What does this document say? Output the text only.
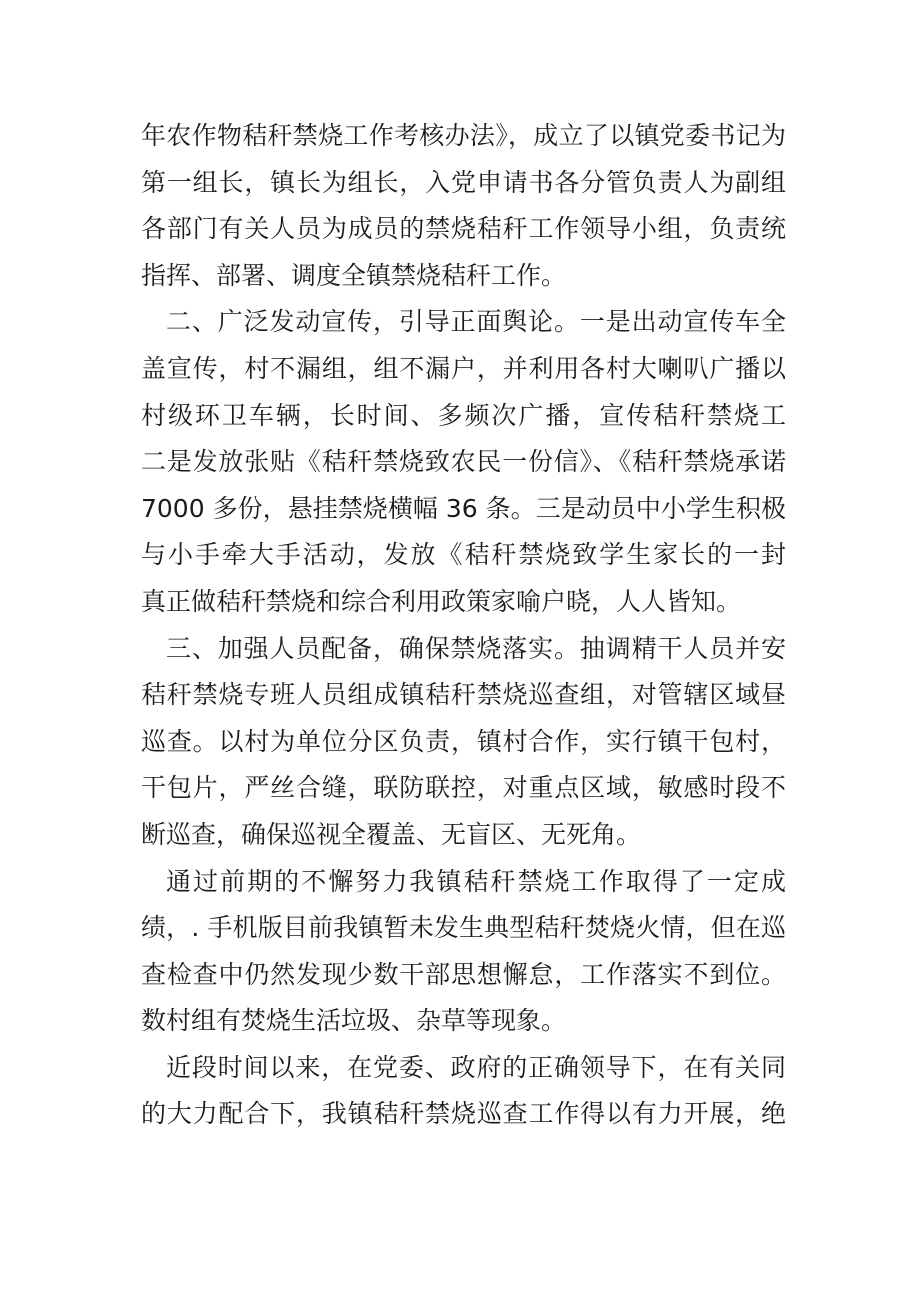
年农作物秸秆禁烧工作考核办法》，成立了以镇党委书记为
第一组长，镇长为组长，入党申请书各分管负责人为副组
各部门有关人员为成员的禁烧秸秆工作领导小组，负责统
指挥、部署、调度全镇禁烧秸秆工作。
二、广泛发动宣传，引导正面舆论。一是出动宣传车全
盖宣传，村不漏组，组不漏户，并利用各村大喇叭广播以
村级环卫车辆，长时间、多频次广播，宣传秸秆禁烧工
二是发放张贴《秸秆禁烧致农民一份信》、《秸秆禁烧承诺
7000 多份，悬挂禁烧横幅 36 条。三是动员中小学生积极
与小手牵大手活动，发放《秸秆禁烧致学生家长的一封
真正做秸秆禁烧和综合利用政策家喻户晓，人人皆知。
三、加强人员配备，确保禁烧落实。抽调精干人员并安
秸秆禁烧专班人员组成镇秸秆禁烧巡查组，对管辖区域昼
巡查。以村为单位分区负责，镇村合作，实行镇干包村，
干包片，严丝合缝，联防联控，对重点区域，敏感时段不
断巡查，确保巡视全覆盖、无盲区、无死角。
通过前期的不懈努力我镇秸秆禁烧工作取得了一定成
绩，. 手机版目前我镇暂未发生典型秸秆焚烧火情，但在巡
查检查中仍然发现少数干部思想懈怠，工作落实不到位。
数村组有焚烧生活垃圾、杂草等现象。
近段时间以来，在党委、政府的正确领导下，在有关同
的大力配合下，我镇秸秆禁烧巡查工作得以有力开展，绝
